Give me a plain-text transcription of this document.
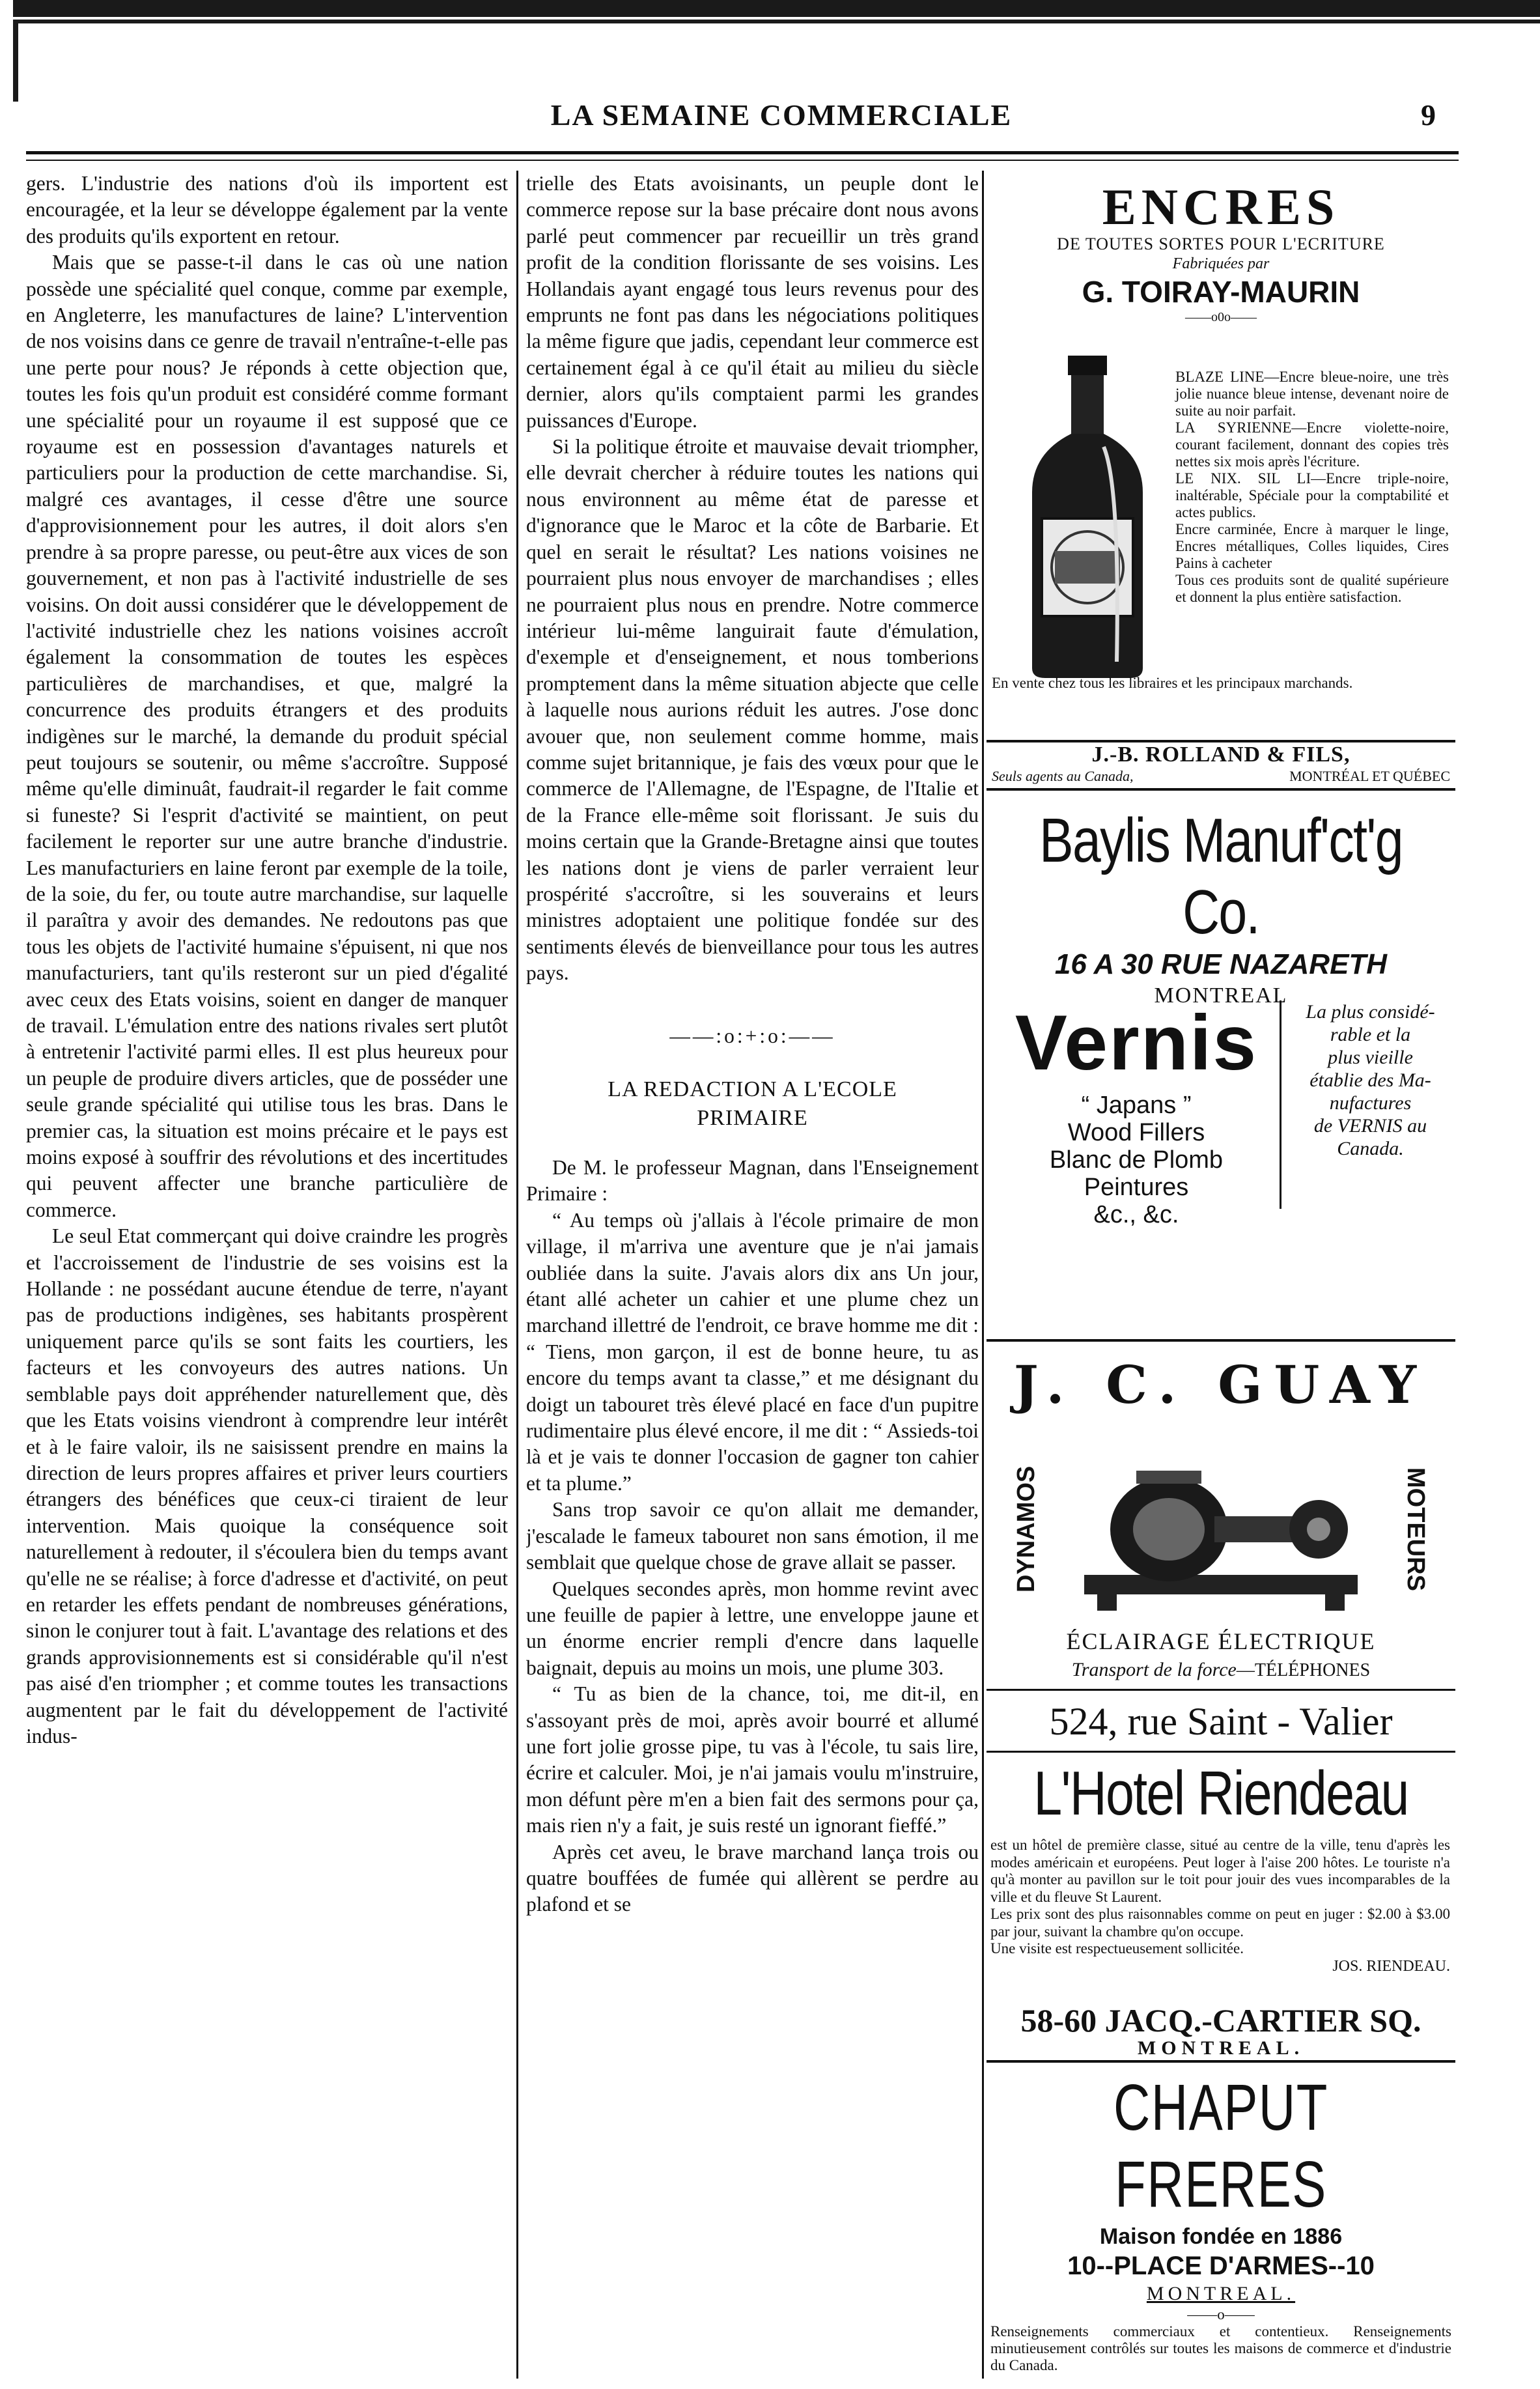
LA SEMAINE COMMERCIALE	9

gers. L'industrie des nations d'où ils importent est encouragée, et la leur se développe également par la vente des produits qu'ils exportent en retour.

Mais que se passe-t-il dans le cas où une nation possède une spécialité quel conque, comme par exemple, en Angleterre, les manufactures de laine? L'intervention de nos voisins dans ce genre de travail n'entraîne-t-elle pas une perte pour nous? Je réponds à cette objection que, toutes les fois qu'un produit est considéré comme formant une spécialité pour un royaume il est supposé que ce royaume est en possession d'avantages naturels et particuliers pour la production de cette marchandise. Si, malgré ces avantages, il cesse d'être une source d'approvisionnement pour les autres, il doit alors s'en prendre à sa propre paresse, ou peut-être aux vices de son gouvernement, et non pas à l'activité industrielle de ses voisins. On doit aussi considérer que le développement de l'activité industrielle chez les nations voisines accroît également la consommation de toutes les espèces particulières de marchandises, et que, malgré la concurrence des produits étrangers et des produits indigènes sur le marché, la demande du produit spécial peut toujours se soutenir, ou même s'accroître. Supposé même qu'elle diminuât, faudrait-il regarder le fait comme si funeste? Si l'esprit d'activité se maintient, on peut facilement le reporter sur une autre branche d'industrie. Les manufacturiers en laine feront par exemple de la toile, de la soie, du fer, ou toute autre marchandise, sur laquelle il paraîtra y avoir des demandes. Ne redoutons pas que tous les objets de l'activité humaine s'épuisent, ni que nos manufacturiers, tant qu'ils resteront sur un pied d'égalité avec ceux des Etats voisins, soient en danger de manquer de travail. L'émulation entre des nations rivales sert plutôt à entretenir l'activité parmi elles. Il est plus heureux pour un peuple de produire divers articles, que de posséder une seule grande spécialité qui utilise tous les bras. Dans le premier cas, la situation est moins précaire et le pays est moins exposé à souffrir des révolutions et des incertitudes qui peuvent affecter une branche particulière de commerce.

Le seul Etat commerçant qui doive craindre les progrès et l'accroissement de l'industrie de ses voisins est la Hollande : ne possédant aucune étendue de terre, n'ayant pas de productions indigènes, ses habitants prospèrent uniquement parce qu'ils se sont faits les courtiers, les facteurs et les convoyeurs des autres nations. Un semblable pays doit appréhender naturellement que, dès que les Etats voisins viendront à comprendre leur intérêt et à le faire valoir, ils ne saisissent prendre en mains la direction de leurs propres affaires et priver leurs courtiers étrangers des bénéfices que ceux-ci tiraient de leur intervention. Mais quoique la conséquence soit naturellement à redouter, il s'écoulera bien du temps avant qu'elle ne se réalise; à force d'adresse et d'activité, on peut en retarder les effets pendant de nombreuses générations, sinon le conjurer tout à fait. L'avantage des relations et des grands approvisionnements est si considérable qu'il n'est pas aisé d'en triompher ; et comme toutes les transactions augmentent par le fait du développement de l'activité indus-

trielle des Etats avoisinants, un peuple dont le commerce repose sur la base précaire dont nous avons parlé peut commencer par recueillir un très grand profit de la condition florissante de ses voisins. Les Hollandais ayant engagé tous leurs revenus pour des emprunts ne font pas dans les négociations politiques la même figure que jadis, cependant leur commerce est certainement égal à ce qu'il était au milieu du siècle dernier, alors qu'ils comptaient parmi les grandes puissances d'Europe.

Si la politique étroite et mauvaise devait triompher, elle devrait chercher à réduire toutes les nations qui nous environnent au même état de paresse et d'ignorance que le Maroc et la côte de Barbarie. Et quel en serait le résultat? Les nations voisines ne pourraient plus nous envoyer de marchandises ; elles ne pourraient plus nous en prendre. Notre commerce intérieur lui-même languirait faute d'émulation, d'exemple et d'enseignement, et nous tomberions promptement dans la même situation abjecte que celle à laquelle nous aurions réduit les autres. J'ose donc avouer que, non seulement comme homme, mais comme sujet britannique, je fais des vœux pour que le commerce de l'Allemagne, de l'Espagne, de l'Italie et de la France elle-même soit florissant. Je suis du moins certain que la Grande-Bretagne ainsi que toutes les nations dont je viens de parler verraient leur prospérité s'accroître, si les souverains et leurs ministres adoptaient une politique fondée sur des sentiments élevés de bienveillance pour tous les autres pays.

——:o:+:o:——
LA REDACTION A L'ECOLE
PRIMAIRE

De M. le professeur Magnan, dans l'Enseignement Primaire :

“ Au temps où j'allais à l'école primaire de mon village, il m'arriva une aventure que je n'ai jamais oubliée dans la suite. J'avais alors dix ans Un jour, étant allé acheter un cahier et une plume chez un marchand illettré de l'endroit, ce brave homme me dit : “ Tiens, mon garçon, il est de bonne heure, tu as encore du temps avant ta classe,” et me désignant du doigt un tabouret très élevé placé en face d'un pupitre rudimentaire plus élevé encore, il me dit : “ Assieds-toi là et je vais te donner l'occasion de gagner ton cahier et ta plume.”

Sans trop savoir ce qu'on allait me demander, j'escalade le fameux tabouret non sans émotion, il me semblait que quelque chose de grave allait se passer.

Quelques secondes après, mon homme revint avec une feuille de papier à lettre, une enveloppe jaune et un énorme encrier rempli d'encre dans laquelle baignait, depuis au moins un mois, une plume 303.

“ Tu as bien de la chance, toi, me dit-il, en s'assoyant près de moi, après avoir bourré et allumé une fort jolie grosse pipe, tu vas à l'école, tu sais lire, écrire et calculer. Moi, je n'ai jamais voulu m'instruire, mon défunt père m'en a bien fait des sermons pour ça, mais rien n'y a fait, je suis resté un ignorant fieffé.”

Après cet aveu, le brave marchand lança trois ou quatre bouffées de fumée qui allèrent se perdre au plafond et se

ENCRES
DE TOUTES SORTES POUR L'ECRITURE
Fabriquées par
G. TOIRAY-MAURIN
——o0o——

BLAZE LINE—Encre bleue-noire, une très jolie nuance bleue intense, devenant noire de suite au noir parfait.

LA SYRIENNE—Encre violette-noire, courant facilement, donnant des copies très nettes six mois après l'écriture.

LE NIX. SIL LI—Encre triple-noire, inaltérable, Spéciale pour la comptabilité et actes publics.

Encre carminée, Encre à marquer le linge, Encres métalliques, Colles liquides, Cires Pains à cacheter

Tous ces produits sont de qualité supérieure et donnent la plus entière satisfaction.

En vente chez tous les libraires et les principaux marchands.
J.-B. ROLLAND & FILS,
Seuls agents au Canada,	MONTRÉAL ET QUÉBEC
Baylis Manuf'ct'g Co.
16 A 30 RUE NAZARETH
MONTREAL
Vernis
“ Japans ”
Wood Fillers
Blanc de Plomb
Peintures
&c., &c.
La plus considé-
rable et la
plus vieille
établie des Ma-
nufactures
de VERNIS au
Canada.
J. C. GUAY
DYNAMOS	MOTEURS
ÉCLAIRAGE ÉLECTRIQUE
Transport de la force—TÉLÉPHONES
524, rue Saint - Valier
L'Hotel Riendeau

est un hôtel de première classe, situé au centre de la ville, tenu d'après les modes américain et européens. Peut loger à l'aise 200 hôtes. Le touriste n'a qu'à monter au pavillon sur le toit pour jouir des vues incomparables de la ville et du fleuve St Laurent.

Les prix sont des plus raisonnables comme on peut en juger : $2.00 à $3.00 par jour, suivant la chambre qu'on occupe.

Une visite est respectueusement sollicitée.

JOS. RIENDEAU.

58-60 JACQ.-CARTIER SQ.
MONTREAL.
CHAPUT FRERES
Maison fondée en 1886
10--PLACE D'ARMES--10
MONTREAL.
——o——
Renseignements commerciaux et contentieux. Renseignements minutieusement contrôlés sur toutes les maisons de commerce et d'industrie du Canada.
